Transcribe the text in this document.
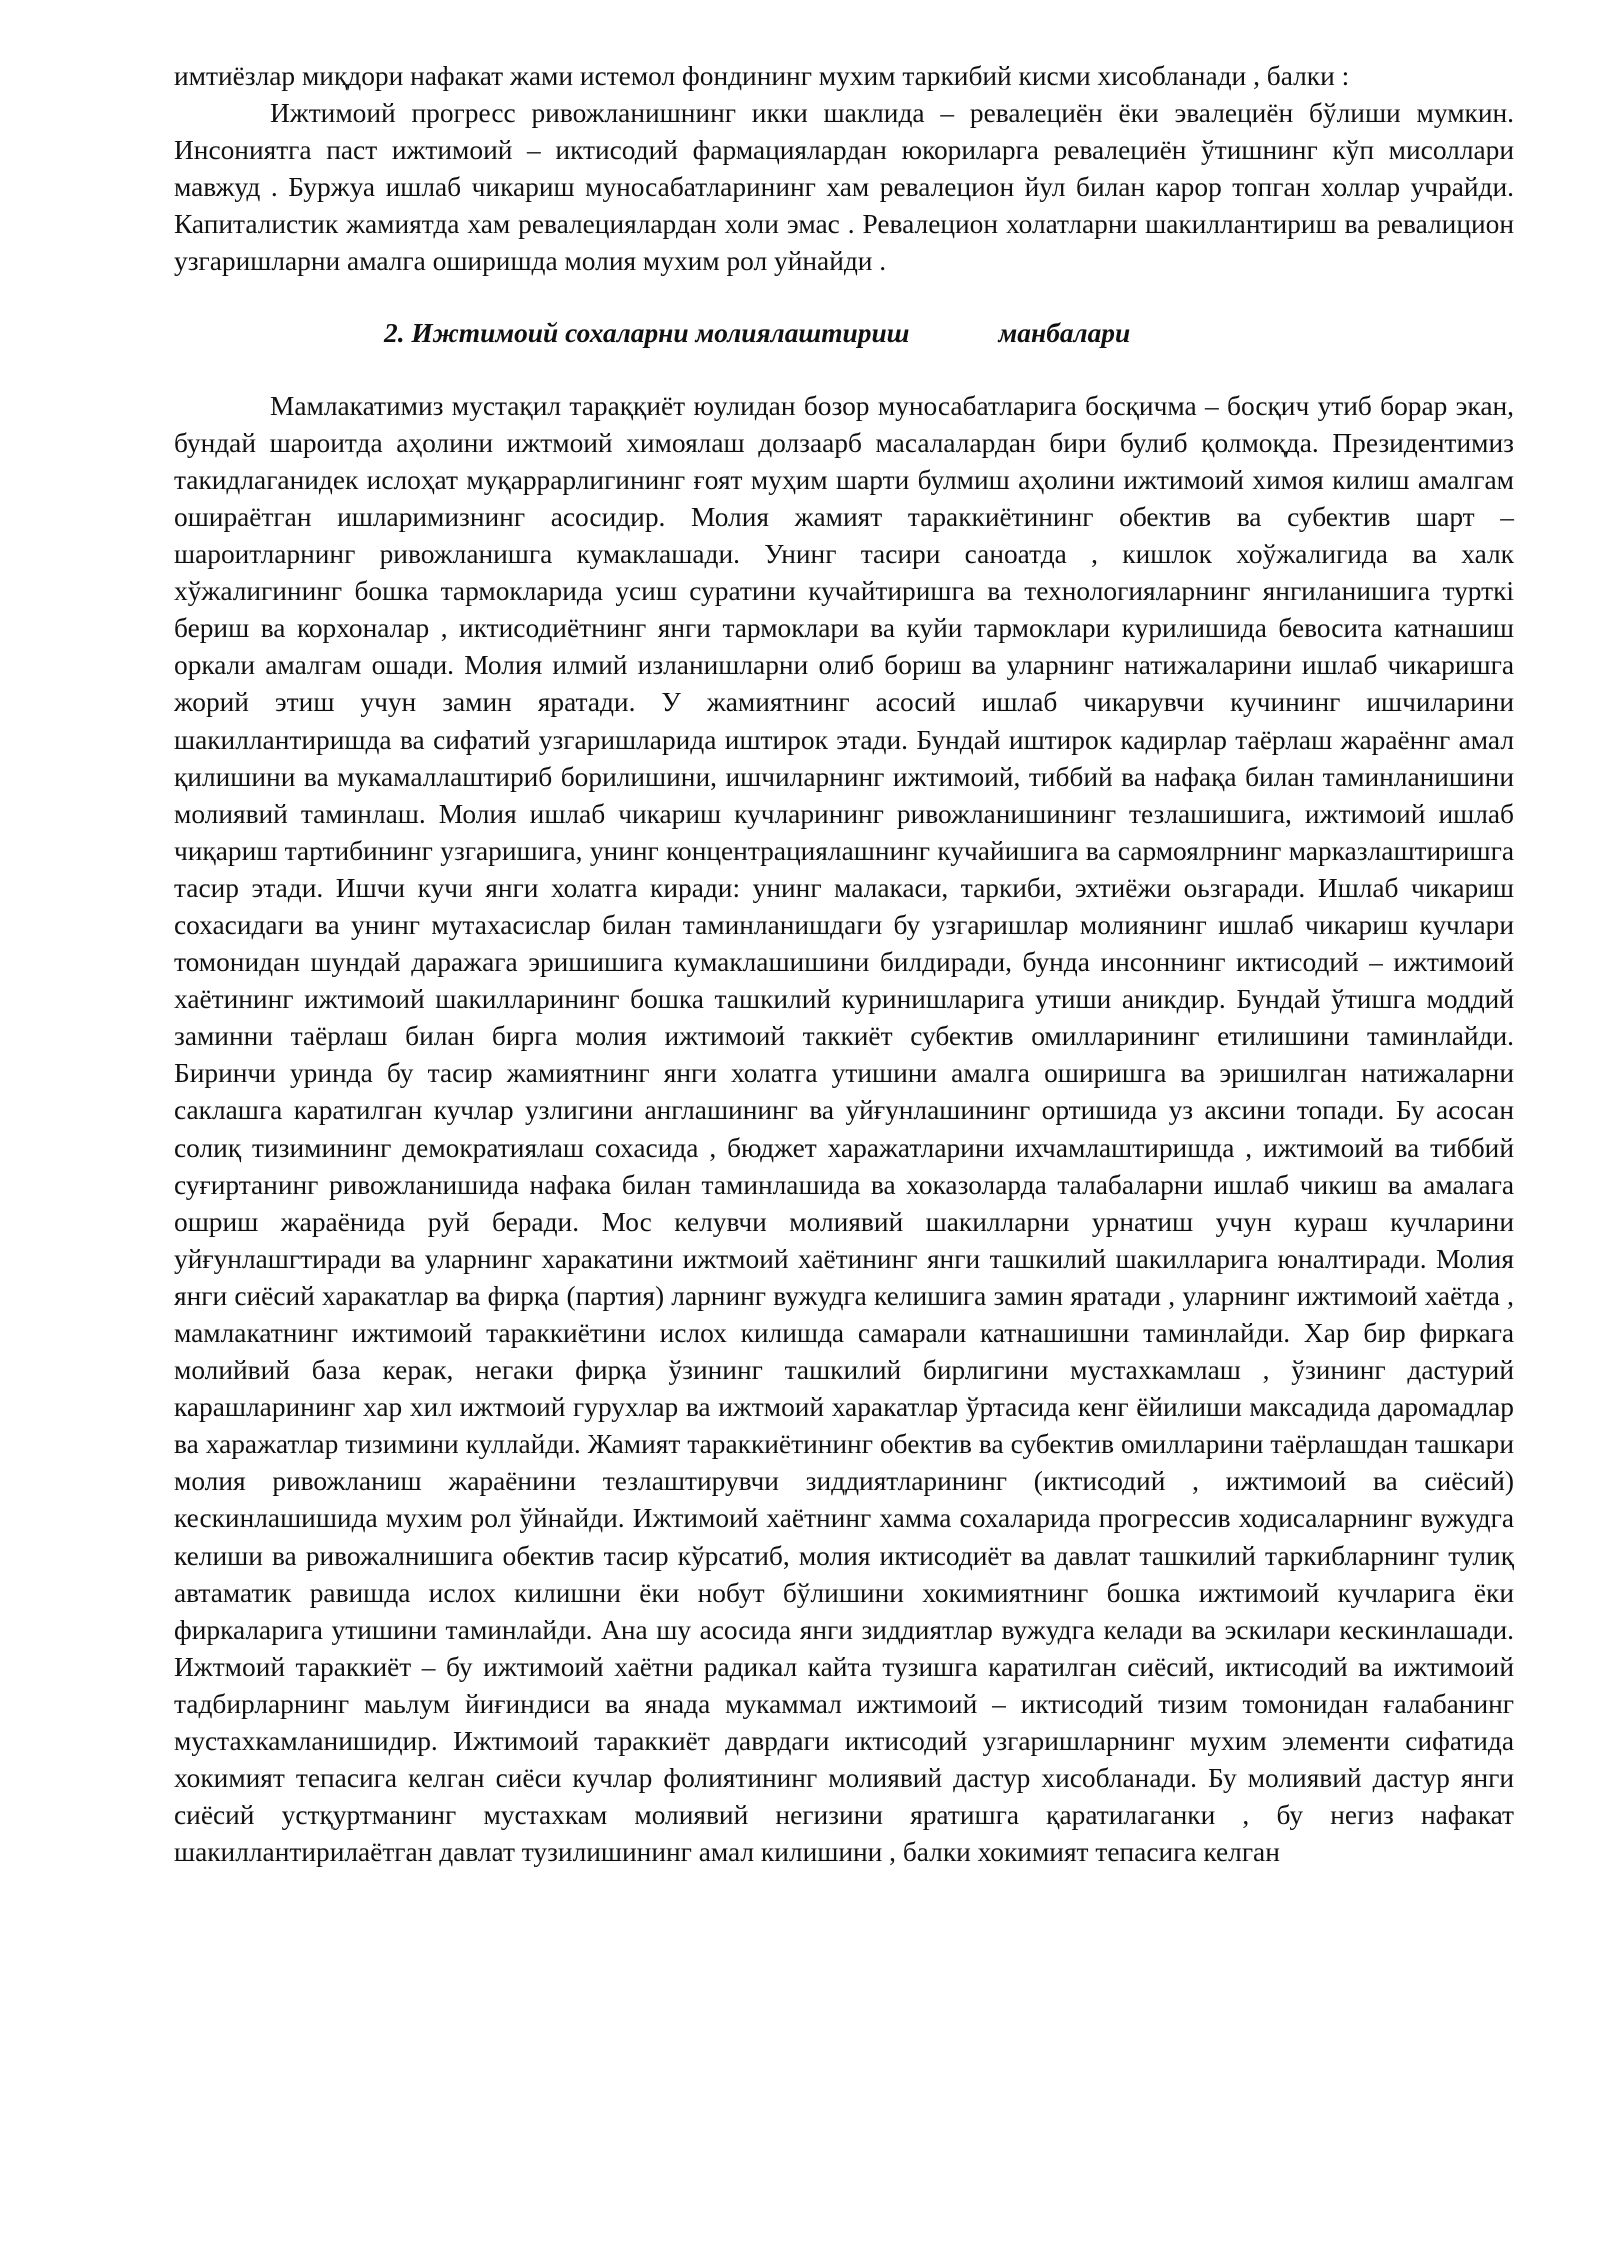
имтиёзлар миқдори нафакат жами истемол фондининг мухим таркибий кисми хисобланади , балки :

Ижтимоий прогресс ривожланишнинг икки шаклида – ревалециён ёки эвалециён бўлиши мумкин. Инсониятга паст ижтимоий – иктисодий фармациялардан юкориларга ревалециён ўтишнинг кўп мисоллари мавжуд . Буржуа ишлаб чикариш муносабатларининг хам ревалецион йул билан карор топган холлар учрайди. Капиталистик жамиятда хам ревалециялардан холи эмас . Ревалецион холатларни шакиллантириш ва ревалицион узгаришларни амалга оширишда молия мухим рол уйнайди .

2. Ижтимоий сохаларни молиялаштириш             манбалари

Мамлакатимиз мустақил тараққиёт юулидан бозор муносабатларига босқичма – босқич утиб борар экан, бундай шароитда аҳолини ижтмоий химоялаш долзаарб масалалардан бири булиб қолмоқда. Президентимиз такидлаганидек ислоҳат муқаррарлигининг ғоят муҳим шарти булмиш аҳолини ижтимоий химоя килиш амалгам ошираётган ишларимизнинг асосидир. Молия жамият тараккиётининг обектив ва субектив шарт – шароитларнинг ривожланишга кумаклашади. Унинг тасири саноатда , кишлок хоўжалигида ва халк хўжалигининг бошка тармокларида усиш суратини кучайтиришга ва технологияларнинг янгиланишига турткі бериш ва корхоналар , иктисодиётнинг янги тармоклари ва куйи тармоклари курилишида бевосита катнашиш оркали амалгам ошади. Молия илмий изланишларни олиб бориш ва уларнинг натижаларини ишлаб чикаришга жорий этиш учун замин яратади. У жамиятнинг асосий ишлаб чикарувчи кучининг ишчиларини шакиллантиришда ва сифатий узгаришларида иштирок этади. Бундай иштирок кадирлар таёрлаш жараённг амал қилишини ва мукамаллаштириб борилишини, ишчиларнинг ижтимоий, тиббий ва нафақа билан таминланишини молиявий таминлаш. Молия ишлаб чикариш кучларининг ривожланишининг тезлашишига, ижтимоий ишлаб чиқариш тартибининг узгаришига, унинг концентрациялашнинг кучайишига ва сармоялрнинг марказлаштиришга тасир этади. Ишчи кучи янги холатга киради: унинг малакаси, таркиби, эхтиёжи оьзгаради. Ишлаб чикариш сохасидаги ва унинг мутахасислар билан таминланишдаги бу узгаришлар молиянинг ишлаб чикариш кучлари томонидан шундай даражага эришишига кумаклашишини билдиради, бунда инсоннинг иктисодий – ижтимоий хаётининг ижтимоий шакилларининг бошка ташкилий куринишларига утиши аникдир. Бундай ўтишга моддий заминни таёрлаш билан бирга молия ижтимоий таккиёт субектив омилларининг етилишини таминлайди. Биринчи уринда бу тасир жамиятнинг янги холатга утишини амалга оширишга ва эришилган натижаларни саклашга каратилган кучлар узлигини англашининг ва уйғунлашининг ортишида уз аксини топади. Бу асосан солиқ тизимининг демократиялаш сохасида , бюджет харажатларини ихчамлаштиришда , ижтимоий ва тиббий суғиртанинг ривожланишида нафака билан таминлашида ва хоказоларда талабаларни ишлаб чикиш ва амалага ошриш жараёнида руй беради. Мос келувчи молиявий шакилларни урнатиш учун кураш кучларини уйғунлашгтиради ва уларнинг харакатини ижтмоий хаётининг янги ташкилий шакилларига юналтиради. Молия янги сиёсий харакатлар ва фирқа (партия) ларнинг вужудга келишига замин яратади , уларнинг ижтимоий хаётда , мамлакатнинг ижтимоий тараккиётини ислох килишда самарали катнашишни таминлайди. Хар бир фиркага молийвий база керак, негаки фирқа ўзининг ташкилий бирлигини мустахкамлаш , ўзининг дастурий карашларининг хар хил ижтмоий гурухлар ва ижтмоий харакатлар ўртасида кенг ёйилиши максадида даромадлар ва харажатлар тизимини куллайди. Жамият тараккиётининг обектив ва субектив омилларини таёрлашдан ташкари молия ривожланиш жараёнини тезлаштирувчи зиддиятларининг (иктисодий , ижтимоий ва сиёсий) кескинлашишида мухим рол ўйнайди. Ижтимоий хаётнинг хамма сохаларида прогрессив ходисаларнинг вужудга келиши ва ривожалнишига обектив тасир кўрсатиб, молия иктисодиёт ва давлат ташкилий таркибларнинг тулиқ автаматик равишда ислох килишни ёки нобут бўлишини хокимиятнинг бошка ижтимоий кучларига ёки фиркаларига утишини таминлайди. Ана шу асосида янги зиддиятлар вужудга келади ва эскилари кескинлашади. Ижтмоий тараккиёт – бу ижтимоий хаётни радикал кайта тузишга каратилган сиёсий, иктисодий ва ижтимоий тадбирларнинг маьлум йиғиндиси ва янада мукаммал ижтимоий – иктисодий тизим томонидан ғалабанинг мустахкамланишидир. Ижтимоий тараккиёт даврдаги иктисодий узгаришларнинг мухим элементи сифатида хокимият тепасига келган сиёси кучлар фолиятининг молиявий дастур хисобланади. Бу молиявий дастур янги сиёсий устқуртманинг мустахкам молиявий негизини яратишга қаратилаганки , бу негиз нафакат шакиллантирилаётган давлат тузилишининг амал килишини , балки хокимият тепасига келган
